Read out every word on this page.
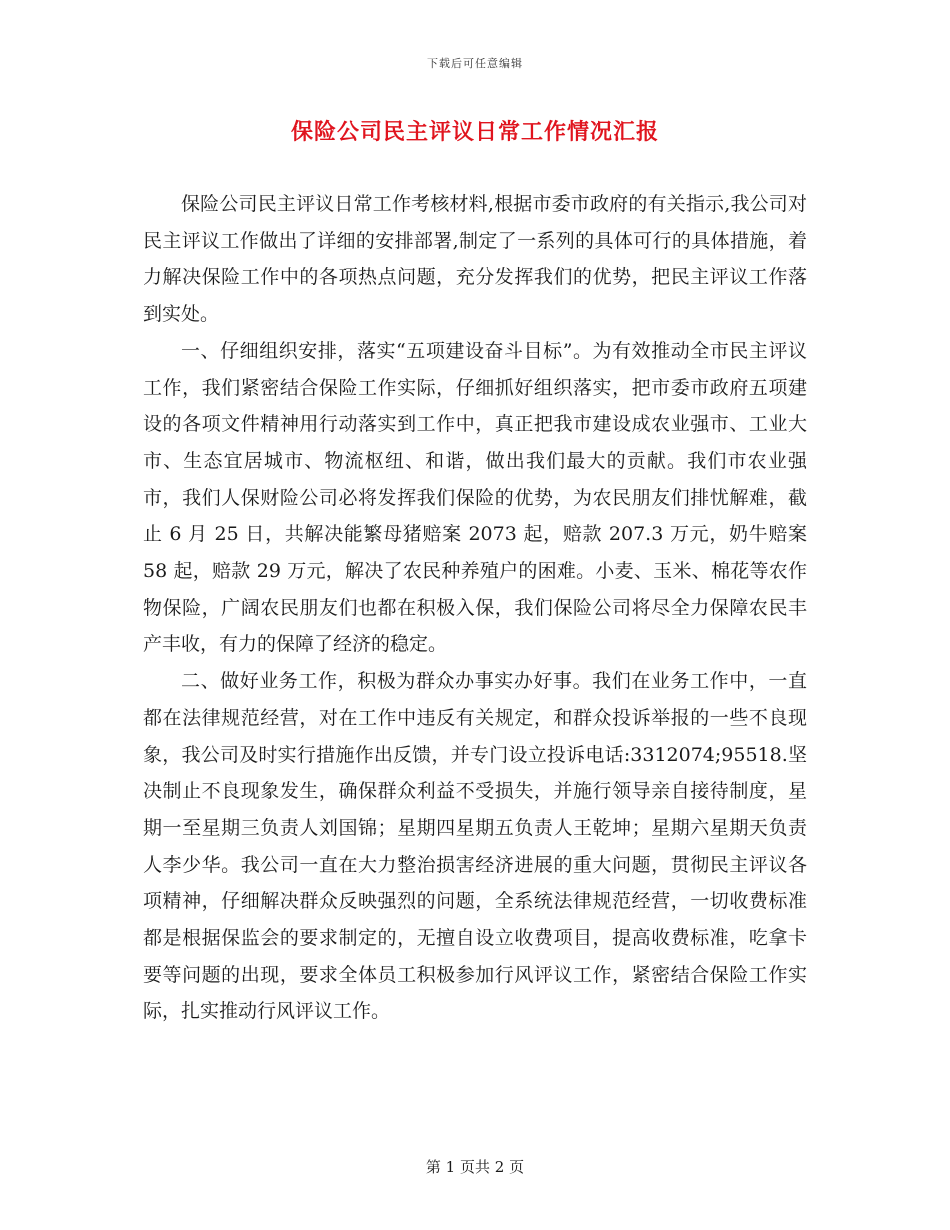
下载后可任意编辑
保险公司民主评议日常工作情况汇报

保险公司民主评议日常工作考核材料,根据市委市政府的有关指示,我公司对民主评议工作做出了详细的安排部署,制定了一系列的具体可行的具体措施，着力解决保险工作中的各项热点问题，充分发挥我们的优势，把民主评议工作落到实处。

一、仔细组织安排，落实“五项建设奋斗目标”。为有效推动全市民主评议工作，我们紧密结合保险工作实际，仔细抓好组织落实，把市委市政府五项建设的各项文件精神用行动落实到工作中，真正把我市建设成农业强市、工业大市、生态宜居城市、物流枢纽、和谐，做出我们最大的贡献。我们市农业强市，我们人保财险公司必将发挥我们保险的优势，为农民朋友们排忧解难，截止 6 月 25 日，共解决能繁母猪赔案 2073 起，赔款 207.3 万元，奶牛赔案 58 起，赔款 29 万元，解决了农民种养殖户的困难。小麦、玉米、棉花等农作物保险，广阔农民朋友们也都在积极入保，我们保险公司将尽全力保障农民丰产丰收，有力的保障了经济的稳定。

二、做好业务工作，积极为群众办事实办好事。我们在业务工作中，一直都在法律规范经营，对在工作中违反有关规定，和群众投诉举报的一些不良现象，我公司及时实行措施作出反馈，并专门设立投诉电话:3312074;95518.坚决制止不良现象发生，确保群众利益不受损失，并施行领导亲自接待制度，星期一至星期三负责人刘国锦；星期四星期五负责人王乾坤；星期六星期天负责人李少华。我公司一直在大力整治损害经济进展的重大问题，贯彻民主评议各项精神，仔细解决群众反映强烈的问题，全系统法律规范经营，一切收费标准都是根据保监会的要求制定的，无擅自设立收费项目，提高收费标准，吃拿卡要等问题的出现，要求全体员工积极参加行风评议工作，紧密结合保险工作实际，扎实推动行风评议工作。

第 1 页共 2 页
